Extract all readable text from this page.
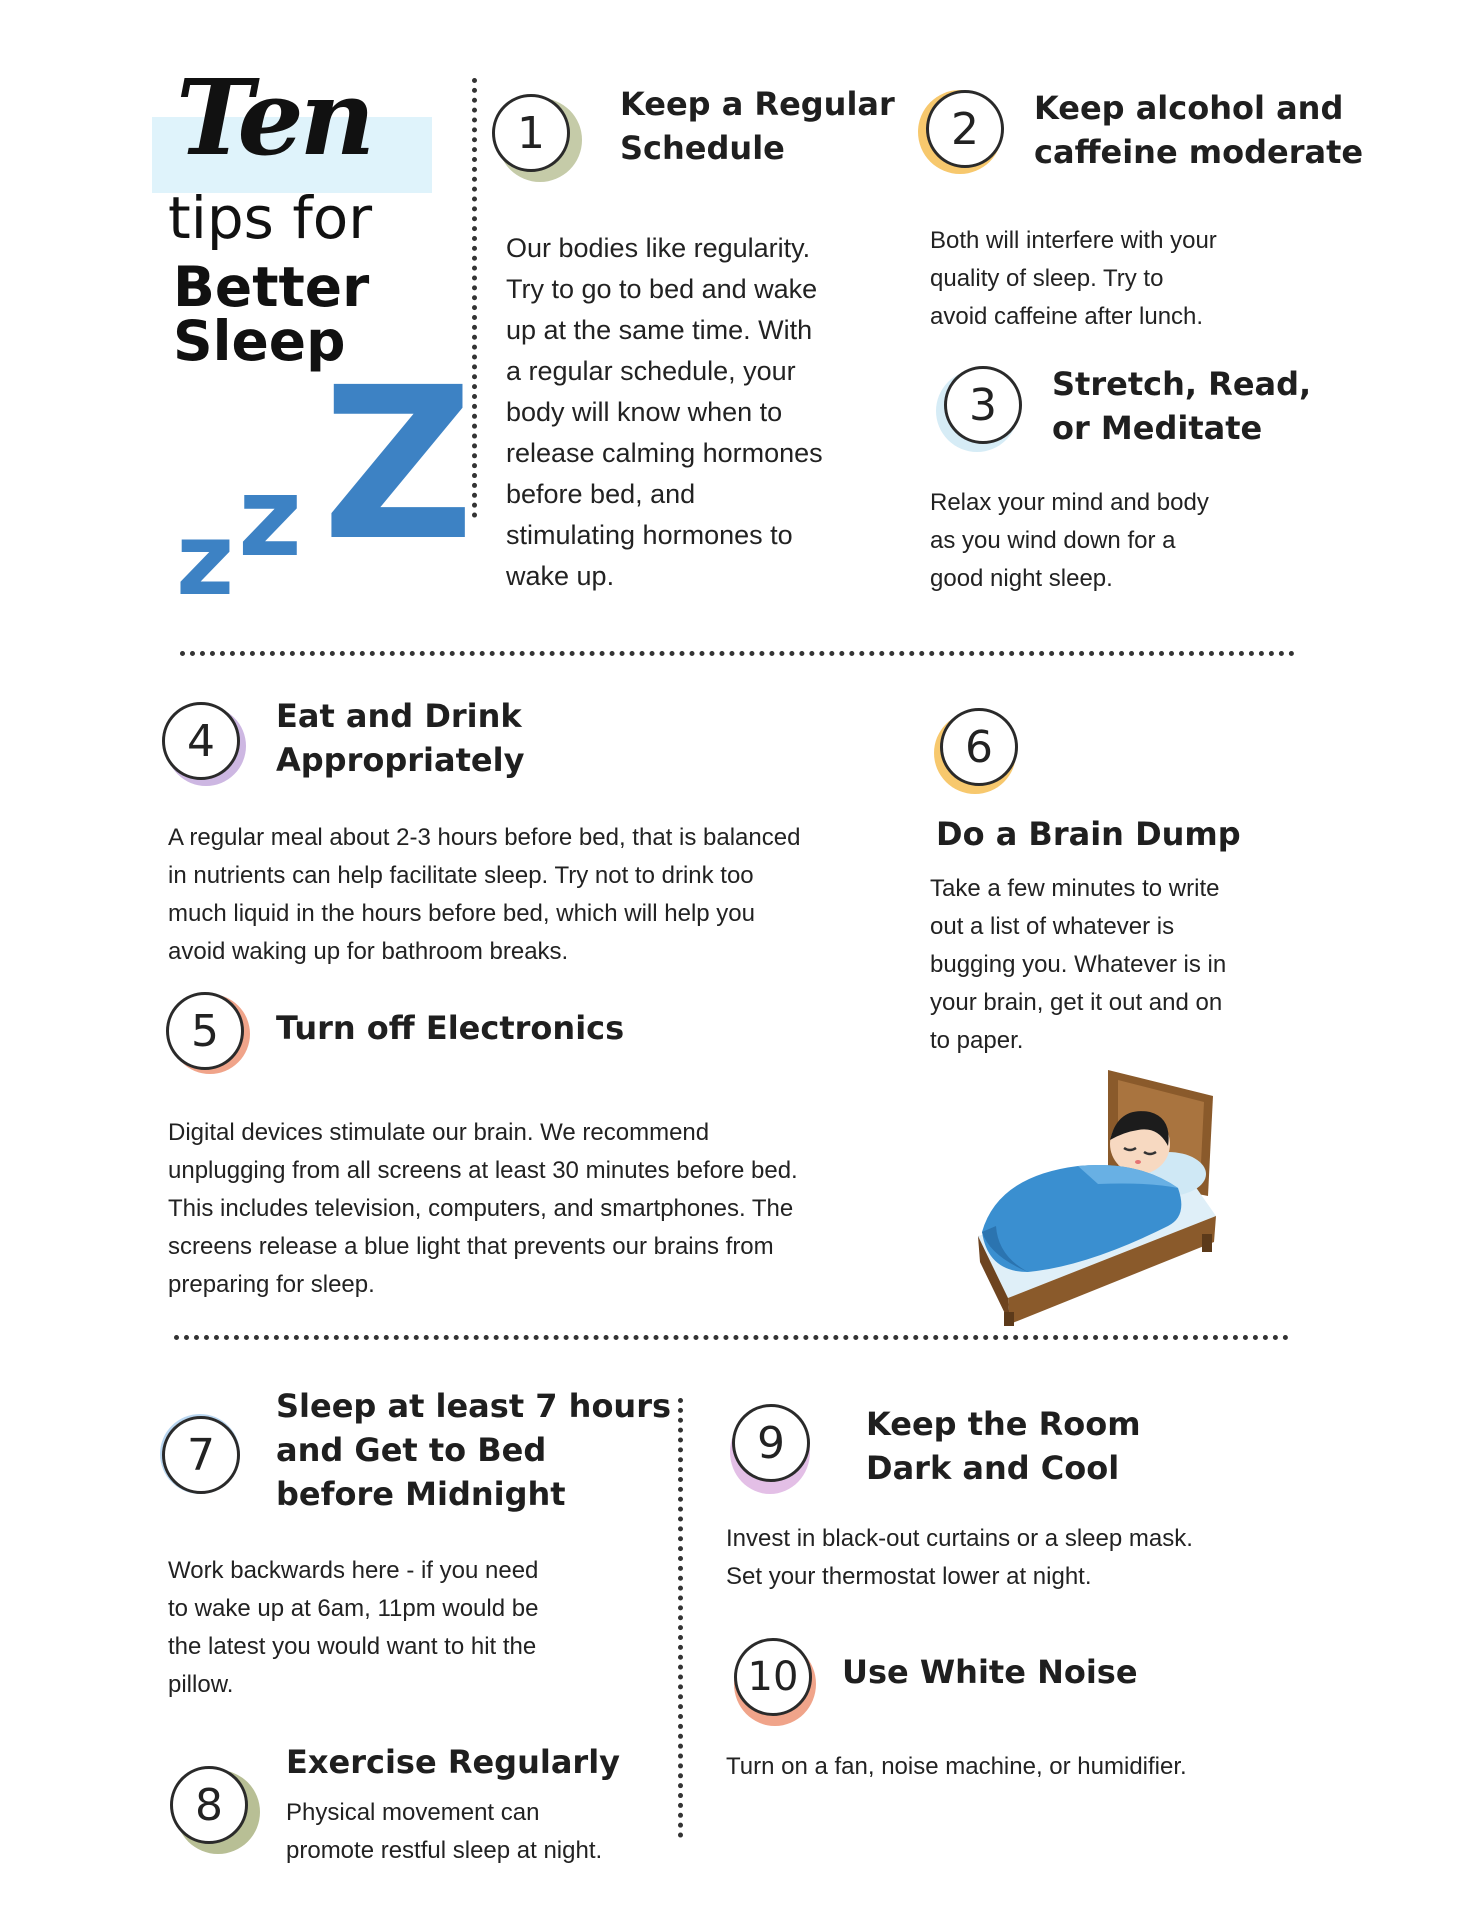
Ten
tips for
Better
Sleep
z z Z
1
Keep a Regular
Schedule
Our bodies like regularity.
Try to go to bed and wake
up at the same time. With
a regular schedule, your
body will know when to
release calming hormones
before bed, and
stimulating hormones to
wake up.
2	Keep alcohol and
caffeine moderate
Both will interfere with your
quality of sleep. Try to
avoid caffeine after lunch.
3	Stretch, Read,
or Meditate
Relax your mind and body
as you wind down for a
good night sleep.
4	Eat and Drink
Appropriately
A regular meal about 2-3 hours before bed, that is balanced
in nutrients can help facilitate sleep. Try not to drink too
much liquid in the hours before bed, which will help you
avoid waking up for bathroom breaks.
5	Turn off Electronics
Digital devices stimulate our brain. We recommend
unplugging from all screens at least 30 minutes before bed.
This includes television, computers, and smartphones. The
screens release a blue light that prevents our brains from
preparing for sleep.
6
Do a Brain Dump
Take a few minutes to write
out a list of whatever is
bugging you. Whatever is in
your brain, get it out and on
to paper.
7
Sleep at least 7 hours
and Get to Bed
before Midnight
Work backwards here - if you need
to wake up at 6am, 11pm would be
the latest you would want to hit the
pillow.
8
Exercise Regularly
Physical movement can
promote restful sleep at night.
9	Keep the Room
Dark and Cool
Invest in black-out curtains or a sleep mask.
Set your thermostat lower at night.
10	Use White Noise
Turn on a fan, noise machine, or humidifier.
